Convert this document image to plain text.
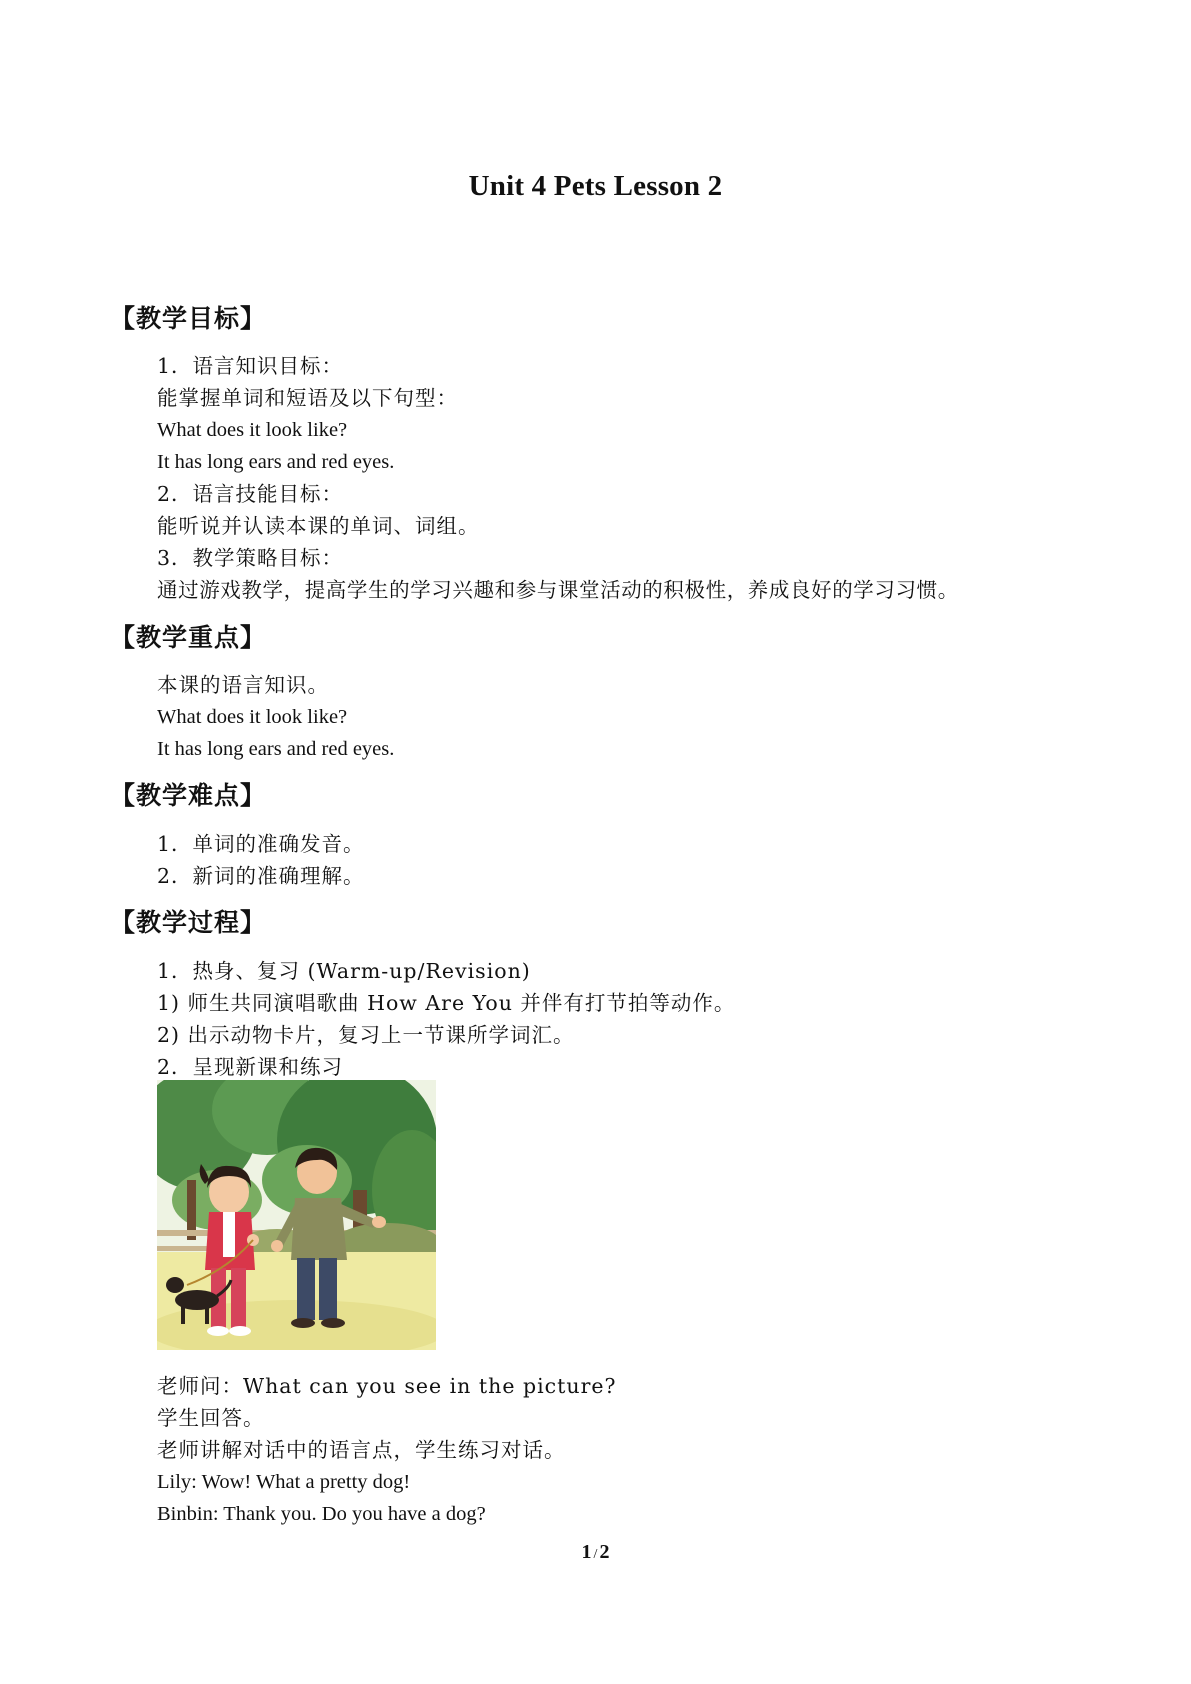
Unit 4 Pets Lesson 2
【教学目标】
1．语言知识目标：
能掌握单词和短语及以下句型：
What does it look like?
It has long ears and red eyes.
2．语言技能目标：
能听说并认读本课的单词、词组。
3．教学策略目标：
通过游戏教学，提高学生的学习兴趣和参与课堂活动的积极性，养成良好的学习习惯。
【教学重点】
本课的语言知识。
What does it look like?
It has long ears and red eyes.
【教学难点】
1．单词的准确发音。
2．新词的准确理解。
【教学过程】
1．热身、复习 (Warm-up/Revision)
1) 师生共同演唱歌曲 How Are You 并伴有打节拍等动作。
2) 出示动物卡片，复习上一节课所学词汇。
2．呈现新课和练习
老师问：What can you see in the picture?
学生回答。
老师讲解对话中的语言点，学生练习对话。
Lily: Wow! What a pretty dog!
Binbin: Thank you. Do you have a dog?
1 / 2
